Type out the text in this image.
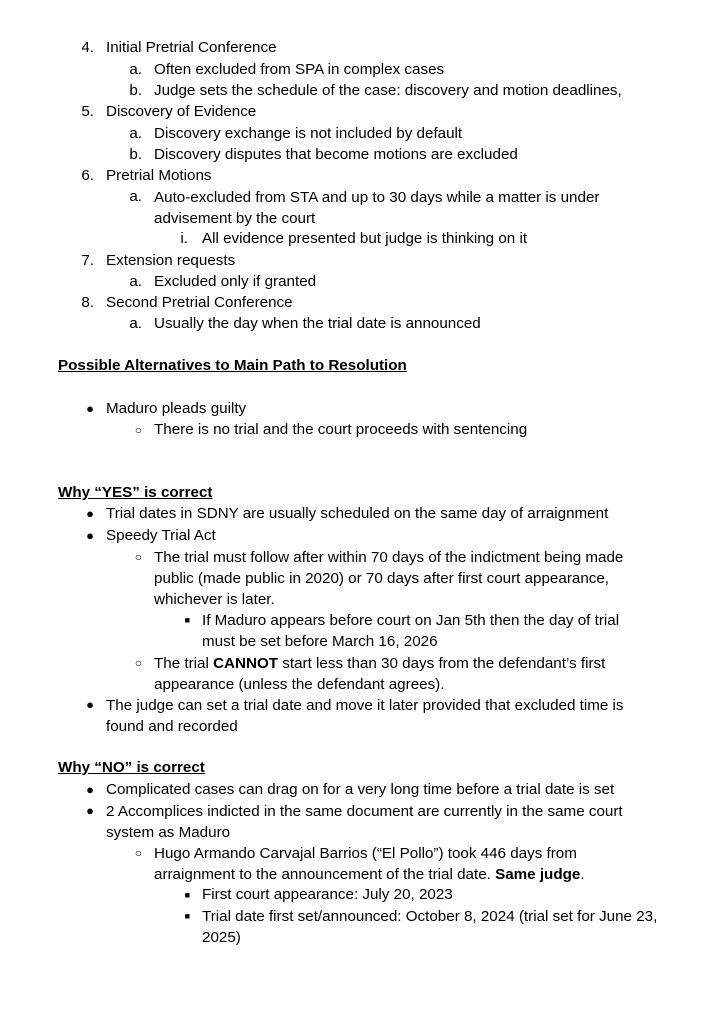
4. Initial Pretrial Conference
a. Often excluded from SPA in complex cases
b. Judge sets the schedule of the case: discovery and motion deadlines,
5. Discovery of Evidence
a. Discovery exchange is not included by default
b. Discovery disputes that become motions are excluded
6. Pretrial Motions
a. Auto-excluded from STA and up to 30 days while a matter is under advisement by the court
i. All evidence presented but judge is thinking on it
7. Extension requests
a. Excluded only if granted
8. Second Pretrial Conference
a. Usually the day when the trial date is announced
Possible Alternatives to Main Path to Resolution
● Maduro pleads guilty
○ There is no trial and the court proceeds with sentencing
Why “YES” is correct
● Trial dates in SDNY are usually scheduled on the same day of arraignment
● Speedy Trial Act
○ The trial must follow after within 70 days of the indictment being made public (made public in 2020) or 70 days after first court appearance, whichever is later.
■ If Maduro appears before court on Jan 5th then the day of trial must be set before March 16, 2026
○ The trial CANNOT start less than 30 days from the defendant’s first appearance (unless the defendant agrees).
● The judge can set a trial date and move it later provided that excluded time is found and recorded
Why “NO” is correct
● Complicated cases can drag on for a very long time before a trial date is set
● 2 Accomplices indicted in the same document are currently in the same court system as Maduro
○ Hugo Armando Carvajal Barrios (“El Pollo”) took 446 days from arraignment to the announcement of the trial date. Same judge.
■ First court appearance: July 20, 2023
■ Trial date first set/announced: October 8, 2024 (trial set for June 23, 2025)
